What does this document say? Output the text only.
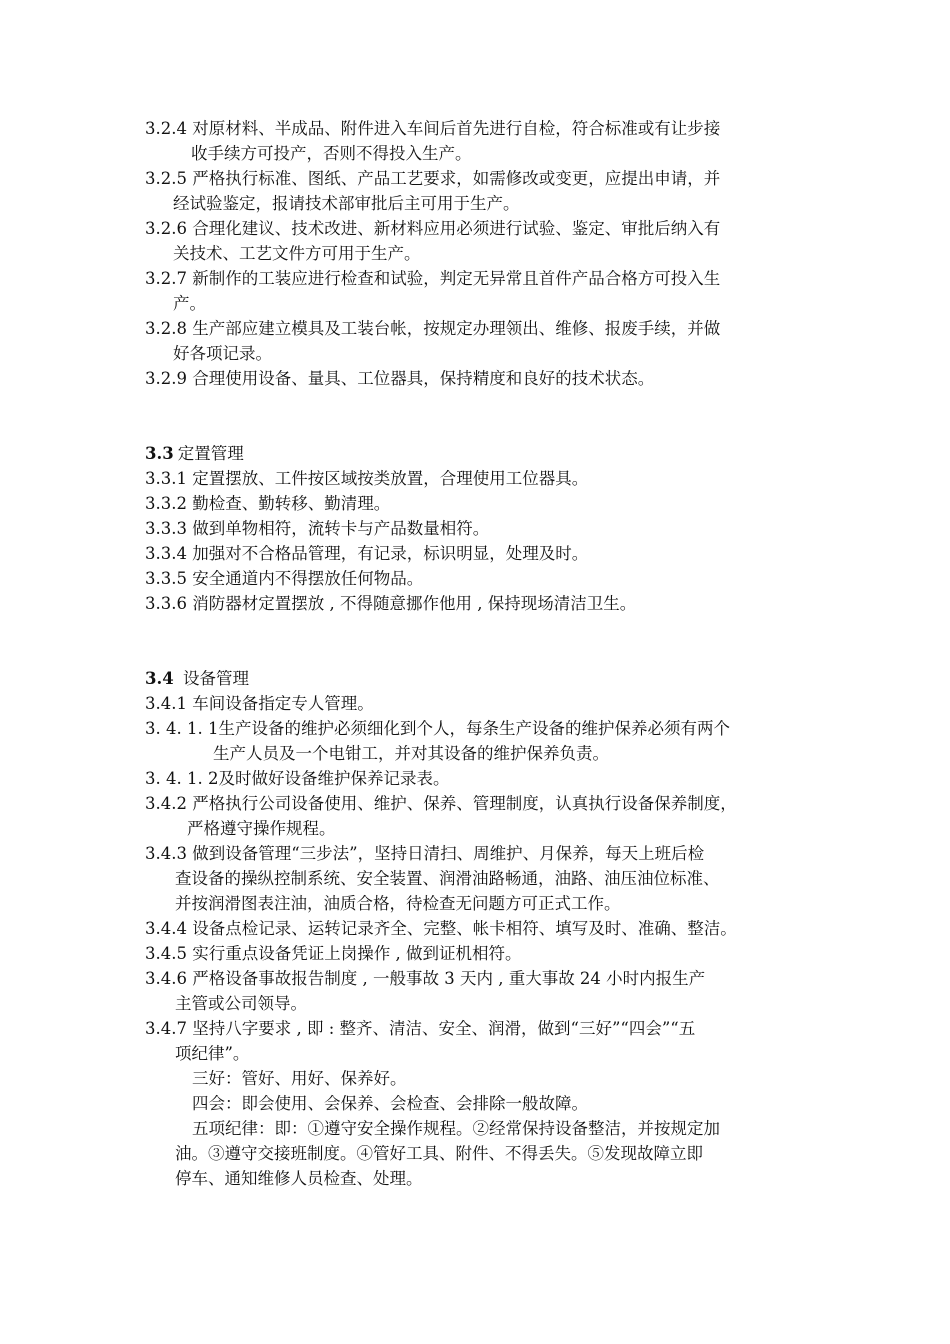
3.2.4 对原材料、半成品、附件进入车间后首先进行自检，符合标准或有让步接
收手续方可投产，否则不得投入生产。

3.2.5 严格执行标准、图纸、产品工艺要求，如需修改或变更，应提出申请，并
经试验鉴定，报请技术部审批后主可用于生产。

3.2.6 合理化建议、技术改进、新材料应用必须进行试验、鉴定、审批后纳入有
关技术、工艺文件方可用于生产。

3.2.7 新制作的工装应进行检查和试验，判定无异常且首件产品合格方可投入生
产。

3.2.8 生产部应建立模具及工装台帐，按规定办理领出、维修、报废手续，并做
好各项记录。

3.2.9 合理使用设备、量具、工位器具，保持精度和良好的技术状态。

3.3 定置管理

3.3.1 定置摆放、工件按区域按类放置，合理使用工位器具。

3.3.2 勤检查、勤转移、勤清理。

3.3.3 做到单物相符，流转卡与产品数量相符。

3.3.4 加强对不合格品管理，有记录，标识明显，处理及时。

3.3.5 安全通道内不得摆放任何物品。

3.3.6 消防器材定置摆放 , 不得随意挪作他用 , 保持现场清洁卫生。

3.4 设备管理

3.4.1 车间设备指定专人管理。

3. 4. 1. 1生产设备的维护必须细化到个人，每条生产设备的维护保养必须有两个
生产人员及一个电钳工，并对其设备的维护保养负责。

3. 4. 1. 2及时做好设备维护保养记录表。

3.4.2 严格执行公司设备使用、维护、保养、管理制度，认真执行设备保养制度，
严格遵守操作规程。

3.4.3 做到设备管理“三步法”，坚持日清扫、周维护、月保养，每天上班后检
查设备的操纵控制系统、安全装置、润滑油路畅通，油路、油压油位标准、
并按润滑图表注油，油质合格，待检查无问题方可正式工作。

3.4.4 设备点检记录、运转记录齐全、完整、帐卡相符、填写及时、准确、整洁。

3.4.5 实行重点设备凭证上岗操作 , 做到证机相符。

3.4.6 严格设备事故报告制度 , 一般事故 3 天内 , 重大事故 24 小时内报生产
主管或公司领导。

3.4.7 坚持八字要求 , 即 : 整齐、清洁、安全、润滑，做到“三好”“四会”“五
项纪律”。

三好：管好、用好、保养好。

四会：即会使用、会保养、会检查、会排除一般故障。

五项纪律：即：①遵守安全操作规程。②经常保持设备整洁，并按规定加

油。③遵守交接班制度。④管好工具、附件、不得丢失。⑤发现故障立即

停车、通知维修人员检查、处理。
